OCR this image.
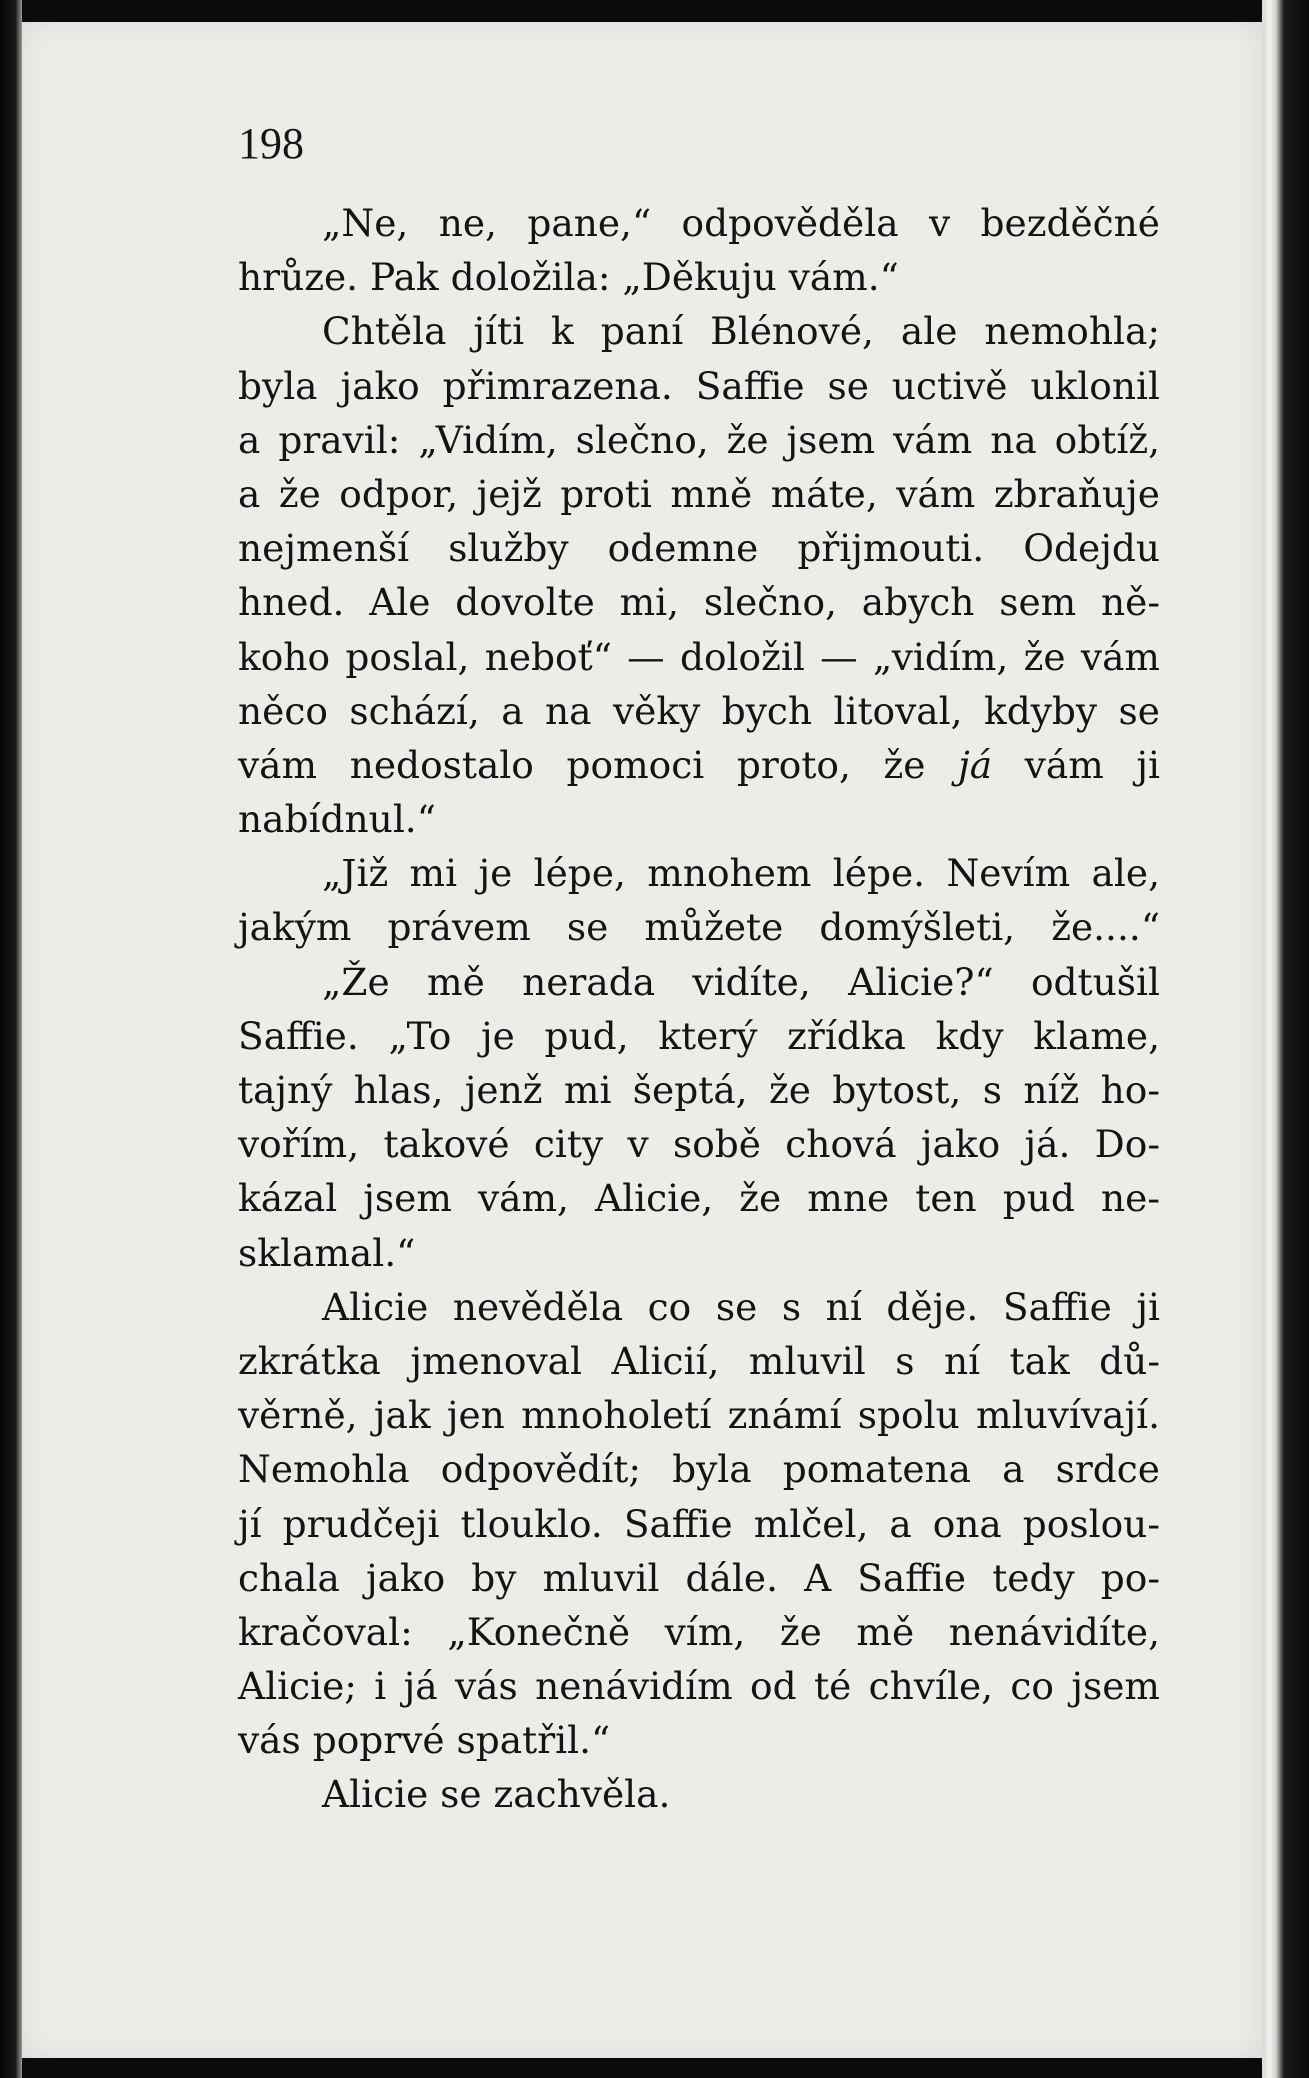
198
„Ne, ne, pane,“ odpověděla v bezděčné
hrůze. Pak doložila: „Děkuju vám.“
Chtěla jíti k paní Blénové, ale nemohla;
byla jako přimrazena. Saffie se uctivě uklonil
a pravil: „Vidím, slečno, že jsem vám na obtíž,
a že odpor, jejž proti mně máte, vám zbraňuje
nejmenší služby odemne přijmouti. Odejdu
hned. Ale dovolte mi, slečno, abych sem ně-
koho poslal, neboť“ — doložil — „vidím, že vám
něco schází, a na věky bych litoval, kdyby se
vám nedostalo pomoci proto, že já vám ji
nabídnul.“
„Již mi je lépe, mnohem lépe. Nevím ale,
jakým právem se můžete domýšleti, že....“
„Že mě nerada vidíte, Alicie?“ odtušil
Saffie. „To je pud, který zřídka kdy klame,
tajný hlas, jenž mi šeptá, že bytost, s níž ho-
vořím, takové city v sobě chová jako já. Do-
kázal jsem vám, Alicie, že mne ten pud ne-
sklamal.“
Alicie nevěděla co se s ní děje. Saffie ji
zkrátka jmenoval Alicií, mluvil s ní tak dů-
věrně, jak jen mnoholetí známí spolu mluvívají.
Nemohla odpovědít; byla pomatena a srdce
jí prudčeji tlouklo. Saffie mlčel, a ona poslou-
chala jako by mluvil dále. A Saffie tedy po-
kračoval: „Konečně vím, že mě nenávidíte,
Alicie; i já vás nenávidím od té chvíle, co jsem
vás poprvé spatřil.“
Alicie se zachvěla.
